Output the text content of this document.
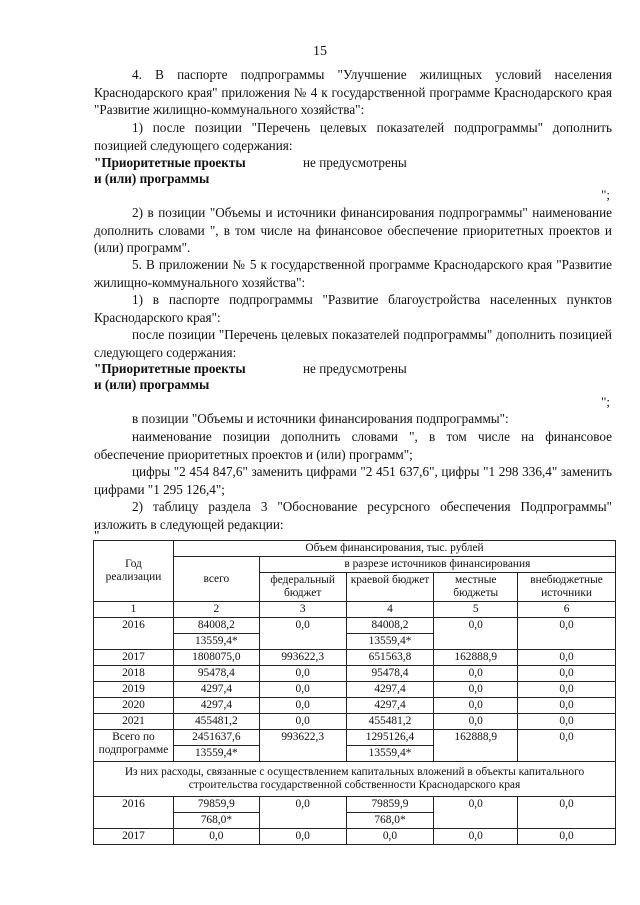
15
4. В паспорте подпрограммы "Улучшение жилищных условий населения Краснодарского края" приложения № 4 к государственной программе Краснодарского края "Развитие жилищно-коммунального хозяйства":
1) после позиции "Перечень целевых показателей подпрограммы" дополнить позицией следующего содержания:
"Приоритетные проекты	не предусмотрены
и (или) программы
";
2) в позиции "Объемы и источники финансирования подпрограммы" наименование дополнить словами ", в том числе на финансовое обеспечение приоритетных проектов и (или) программ".
5. В приложении № 5 к государственной программе Краснодарского края "Развитие жилищно-коммунального хозяйства":
1) в паспорте подпрограммы "Развитие благоустройства населенных пунктов Краснодарского края":
после позиции "Перечень целевых показателей подпрограммы" дополнить позицией следующего содержания:
"Приоритетные проекты	не предусмотрены
и (или) программы
";
в позиции "Объемы и источники финансирования подпрограммы":
наименование позиции дополнить словами ", в том числе на финансовое обеспечение приоритетных проектов и (или) программ";
цифры "2 454 847,6" заменить цифрами "2 451 637,6", цифры "1 298 336,4" заменить цифрами "1 295 126,4";
2) таблицу раздела 3 "Обоснование ресурсного обеспечения Подпрограммы" изложить в следующей редакции:
"
Год реализации	Объем финансирования, тыс. рублей				
	всего	в разрезе источников финансирования			
		федеральный бюджет	краевой бюджет	местные бюджеты	внебюджетные источники
1	2	3	4	5	6
2016	84008,2	0,0	84008,2	0,0	0,0
	13559,4*		13559,4*		
2017	1808075,0	993622,3	651563,8	162888,9	0,0
2018	95478,4	0,0	95478,4	0,0	0,0
2019	4297,4	0,0	4297,4	0,0	0,0
2020	4297,4	0,0	4297,4	0,0	0,0
2021	455481,2	0,0	455481,2	0,0	0,0
Всего по подпрограмме	2451637,6	993622,3	1295126,4	162888,9	0,0
	13559,4*		13559,4*		
Из них расходы, связанные с осуществлением капитальных вложений в объекты капитального строительства государственной собственности Краснодарского края					
2016	79859,9	0,0	79859,9	0,0	0,0
	768,0*		768,0*		
2017	0,0	0,0	0,0	0,0	0,0
